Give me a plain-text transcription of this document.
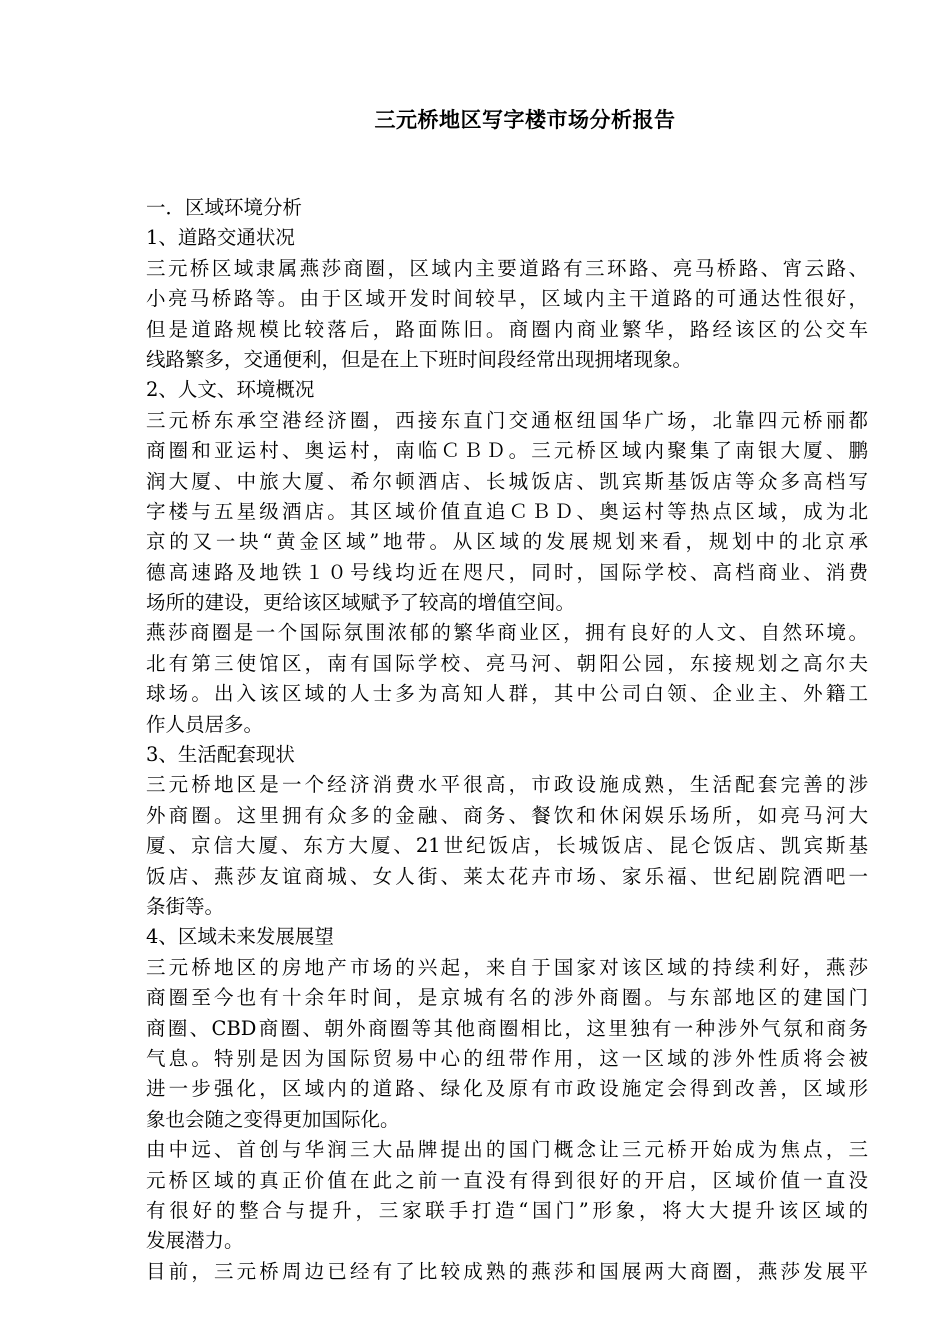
三元桥地区写字楼市场分析报告
一．区域环境分析
1、道路交通状况
三元桥区域隶属燕莎商圈，区域内主要道路有三环路、亮马桥路、宵云路、
小亮马桥路等。由于区域开发时间较早，区域内主干道路的可通达性很好，
但是道路规模比较落后，路面陈旧。商圈内商业繁华，路经该区的公交车
线路繁多，交通便利，但是在上下班时间段经常出现拥堵现象。
2、人文、环境概况
三元桥东承空港经济圈，西接东直门交通枢纽国华广场，北靠四元桥丽都
商圈和亚运村、奥运村，南临ＣＢＤ。三元桥区域内聚集了南银大厦、鹏
润大厦、中旅大厦、希尔顿酒店、长城饭店、凯宾斯基饭店等众多高档写
字楼与五星级酒店。其区域价值直追ＣＢＤ、奥运村等热点区域，成为北
京的又一块“黄金区域”地带。从区域的发展规划来看，规划中的北京承
德高速路及地铁１０号线均近在咫尺，同时，国际学校、高档商业、消费
场所的建设，更给该区域赋予了较高的增值空间。
燕莎商圈是一个国际氛围浓郁的繁华商业区，拥有良好的人文、自然环境。
北有第三使馆区，南有国际学校、亮马河、朝阳公园，东接规划之高尔夫
球场。出入该区域的人士多为高知人群，其中公司白领、企业主、外籍工
作人员居多。
3、生活配套现状
三元桥地区是一个经济消费水平很高，市政设施成熟，生活配套完善的涉
外商圈。这里拥有众多的金融、商务、餐饮和休闲娱乐场所，如亮马河大
厦、京信大厦、东方大厦、21世纪饭店，长城饭店、昆仑饭店、凯宾斯基
饭店、燕莎友谊商城、女人街、莱太花卉市场、家乐福、世纪剧院酒吧一
条街等。
4、区域未来发展展望
三元桥地区的房地产市场的兴起，来自于国家对该区域的持续利好，燕莎
商圈至今也有十余年时间，是京城有名的涉外商圈。与东部地区的建国门
商圈、CBD商圈、朝外商圈等其他商圈相比，这里独有一种涉外气氛和商务
气息。特别是因为国际贸易中心的纽带作用，这一区域的涉外性质将会被
进一步强化，区域内的道路、绿化及原有市政设施定会得到改善，区域形
象也会随之变得更加国际化。
由中远、首创与华润三大品牌提出的国门概念让三元桥开始成为焦点，三
元桥区域的真正价值在此之前一直没有得到很好的开启，区域价值一直没
有很好的整合与提升，三家联手打造“国门”形象，将大大提升该区域的
发展潜力。
目前，三元桥周边已经有了比较成熟的燕莎和国展两大商圈，燕莎发展平
